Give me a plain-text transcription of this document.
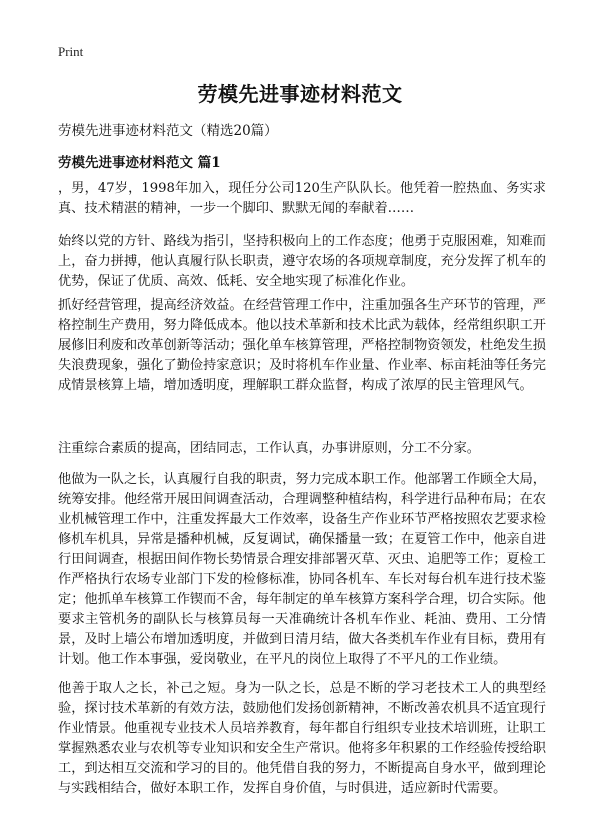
Print
劳模先进事迹材料范文
劳模先进事迹材料范文（精选20篇）
劳模先进事迹材料范文 篇1

，男，47岁，1998年加入，现任分公司120生产队队长。他凭着一腔热血、务实求真、技术精湛的精神，一步一个脚印、默默无闻的奉献着……

始终以党的方针、路线为指引，坚持积极向上的工作态度；他勇于克服困难，知难而上，奋力拼搏，他认真履行队长职责，遵守农场的各项规章制度，充分发挥了机车的优势，保证了优质、高效、低耗、安全地实现了标准化作业。

抓好经营管理，提高经济效益。在经营管理工作中，注重加强各生产环节的管理，严格控制生产费用，努力降低成本。他以技术革新和技术比武为载体，经常组织职工开展修旧利废和改革创新等活动；强化单车核算管理，严格控制物资领发，杜绝发生损失浪费现象，强化了勤俭持家意识；及时将机车作业量、作业率、标亩耗油等任务完成情景核算上墙，增加透明度，理解职工群众监督，构成了浓厚的民主管理风气。

注重综合素质的提高，团结同志，工作认真，办事讲原则，分工不分家。

他做为一队之长，认真履行自我的职责，努力完成本职工作。他部署工作顾全大局，统筹安排。他经常开展田间调查活动，合理调整种植结构，科学进行品种布局；在农业机械管理工作中，注重发挥最大工作效率，设备生产作业环节严格按照农艺要求检修机车机具，异常是播种机械，反复调试，确保播量一致；在夏管工作中，他亲自进行田间调查，根据田间作物长势情景合理安排部署灭草、灭虫、追肥等工作；夏检工作严格执行农场专业部门下发的检修标准，协同各机车、车长对每台机车进行技术鉴定；他抓单车核算工作锲而不舍，每年制定的单车核算方案科学合理，切合实际。他要求主管机务的副队长与核算员每一天准确统计各机车作业、耗油、费用、工分情景，及时上墙公布增加透明度，并做到日清月结，做大各类机车作业有目标，费用有计划。他工作本事强，爱岗敬业，在平凡的岗位上取得了不平凡的工作业绩。

他善于取人之长，补己之短。身为一队之长，总是不断的学习老技术工人的典型经验，探讨技术革新的有效方法，鼓励他们发扬创新精神，不断改善农机具不适宜现行作业情景。他重视专业技术人员培养教育，每年都自行组织专业技术培训班，让职工掌握熟悉农业与农机等专业知识和安全生产常识。他将多年积累的工作经验传授给职工，到达相互交流和学习的目的。他凭借自我的努力，不断提高自身水平，做到理论与实践相结合，做好本职工作，发挥自身价值，与时俱进，适应新时代需要。
